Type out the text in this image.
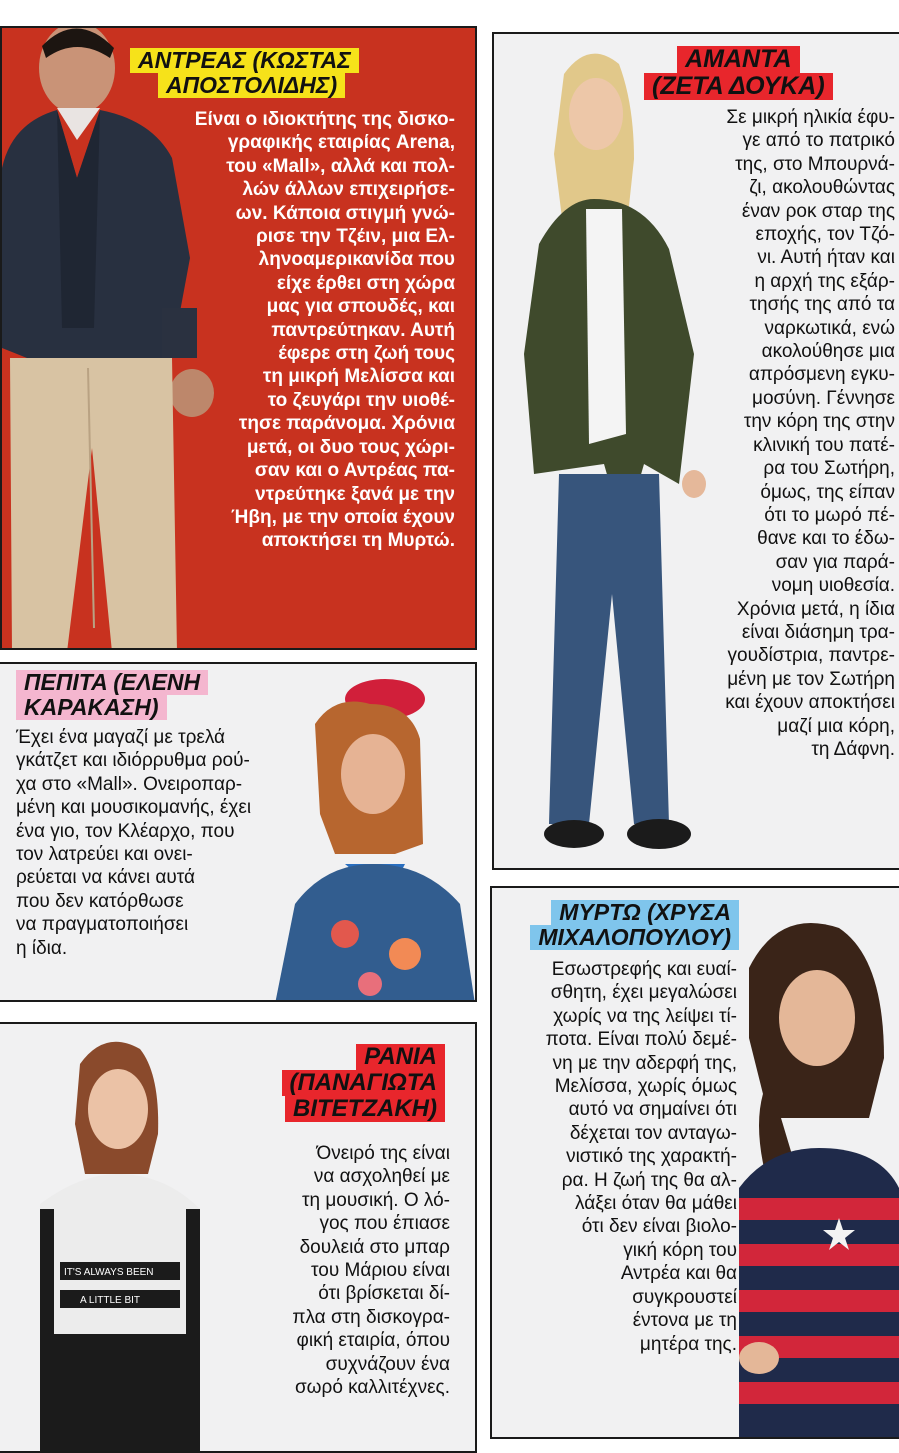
ΑΝΤΡΕΑΣ (ΚΩΣΤΑΣ
ΑΠΟΣΤΟΛΙΔΗΣ)
Είναι ο ιδιοκτήτης της δισκο-
γραφικής εταιρίας Arena,
του «Mall», αλλά και πολ-
λών άλλων επιχειρήσε-
ων. Κάποια στιγμή γνώ-
ρισε την Τζέιν, μια Ελ-
ληνοαμερικανίδα που
είχε έρθει στη χώρα
μας για σπουδές, και
παντρεύτηκαν. Αυτή
έφερε στη ζωή τους
τη μικρή Μελίσσα και
το ζευγάρι την υιοθέ-
τησε παράνομα. Χρόνια
μετά, οι δυο τους χώρι-
σαν και ο Αντρέας πα-
ντρεύτηκε ξανά με την
Ήβη, με την οποία έχουν
αποκτήσει τη Μυρτώ.
ΑΜΑΝΤΑ
(ΖΕΤΑ ΔΟΥΚΑ)
Σε μικρή ηλικία έφυ-
γε από το πατρικό
της, στο Μπουρνά-
ζι, ακολουθώντας
έναν ροκ σταρ της
εποχής, τον Τζό-
νι. Αυτή ήταν και
η αρχή της εξάρ-
τησής της από τα
ναρκωτικά, ενώ
ακολούθησε μια
απρόσμενη εγκυ-
μοσύνη. Γέννησε
την κόρη της στην
κλινική του πατέ-
ρα του Σωτήρη,
όμως, της είπαν
ότι το μωρό πέ-
θανε και το έδω-
σαν για παρά-
νομη υιοθεσία.
Χρόνια μετά, η ίδια
είναι διάσημη τρα-
γουδίστρια, παντρε-
μένη με τον Σωτήρη
και έχουν αποκτήσει
μαζί μια κόρη,
τη Δάφνη.
ΠΕΠΙΤΑ (ΕΛΕΝΗ
ΚΑΡΑΚΑΣΗ)
Έχει ένα μαγαζί με τρελά
γκάτζετ και ιδιόρρυθμα ρού-
χα στο «Mall». Ονειροπαρ-
μένη και μουσικομανής, έχει
ένα γιο, τον Κλέαρχο, που
τον λατρεύει και ονει-
ρεύεται να κάνει αυτά
που δεν κατόρθωσε
να πραγματοποιήσει
η ίδια.
ΜΥΡΤΩ (ΧΡΥΣΑ
ΜΙΧΑΛΟΠΟΥΛΟΥ)
Εσωστρεφής και ευαί-
σθητη, έχει μεγαλώσει
χωρίς να της λείψει τί-
ποτα. Είναι πολύ δεμέ-
νη με την αδερφή της,
Μελίσσα, χωρίς όμως
αυτό να σημαίνει ότι
δέχεται τον ανταγω-
νιστικό της χαρακτή-
ρα. Η ζωή της θα αλ-
λάξει όταν θα μάθει
ότι δεν είναι βιολο-
γική κόρη του
Αντρέα και θα
συγκρουστεί
έντονα με τη
μητέρα της.
IT'S ALWAYS BEEN
A LITTLE BIT
ΡΑΝΙΑ
(ΠΑΝΑΓΙΩΤΑ
ΒΙΤΕΤΖΑΚΗ)
Όνειρό της είναι
να ασχοληθεί με
τη μουσική. Ο λό-
γος που έπιασε
δουλειά στο μπαρ
του Μάριου είναι
ότι βρίσκεται δί-
πλα στη δισκογρα-
φική εταιρία, όπου
συχνάζουν ένα
σωρό καλλιτέχνες.
